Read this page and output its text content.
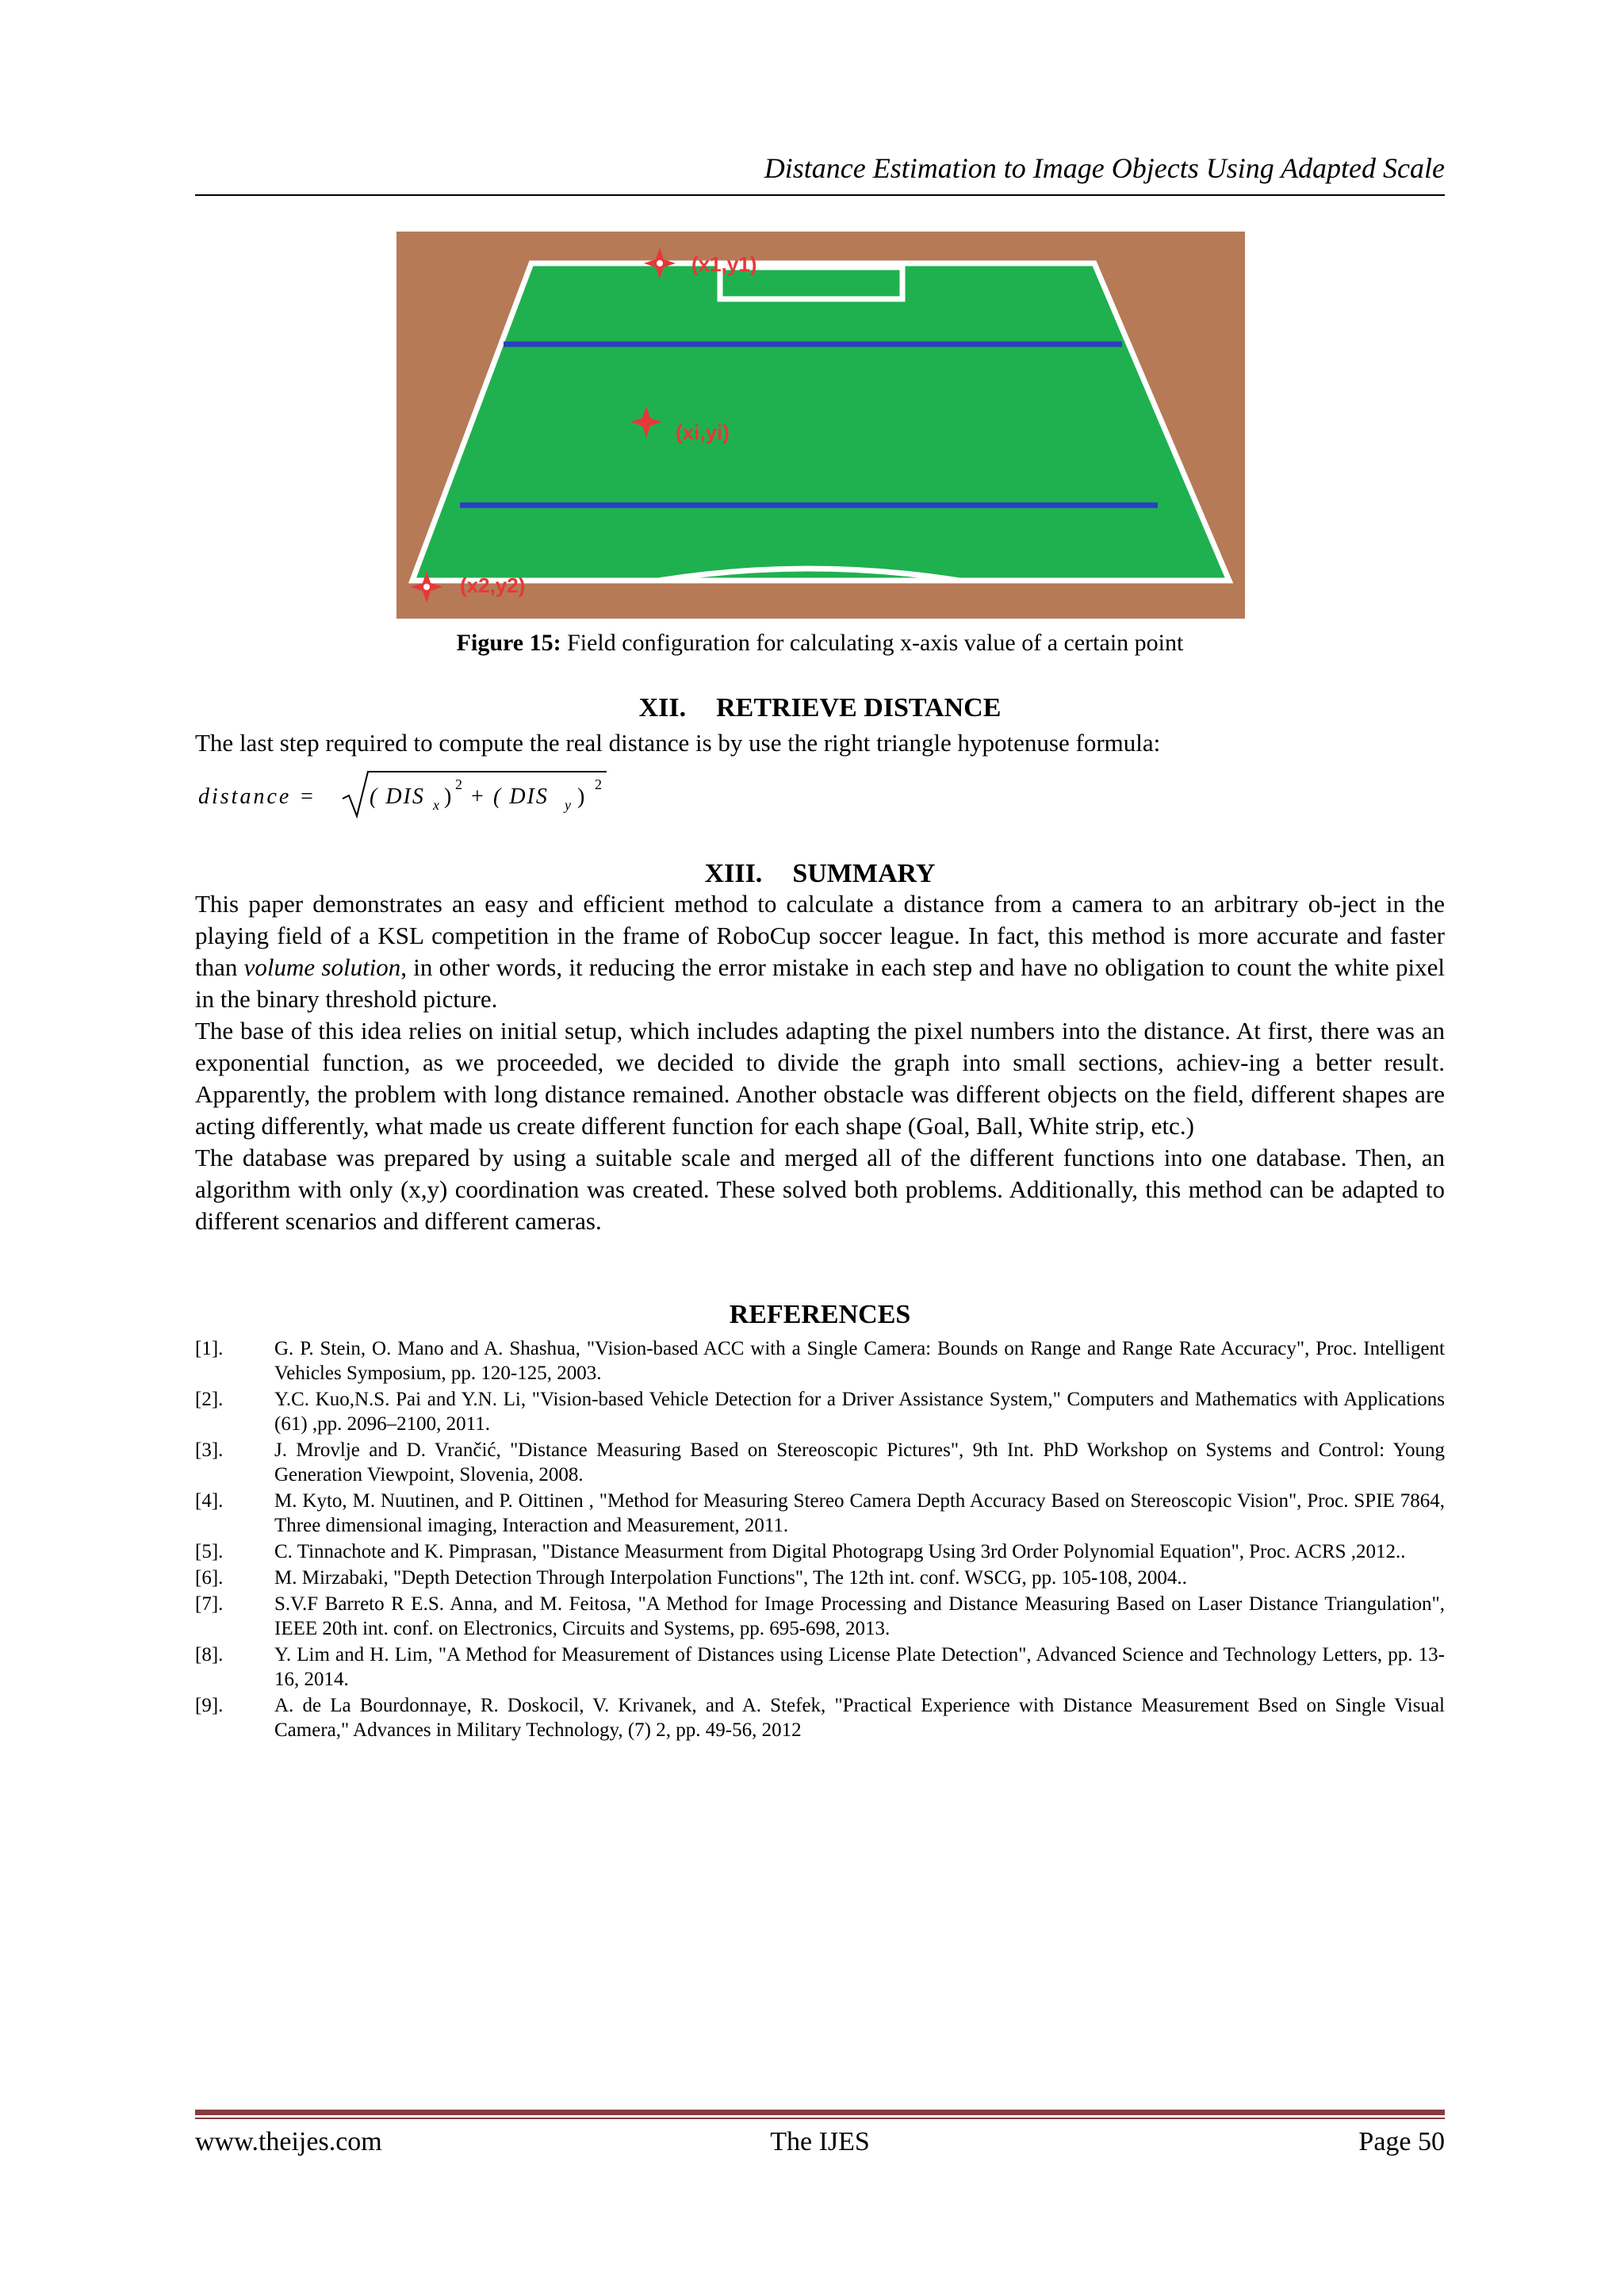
Distance Estimation to Image Objects Using Adapted Scale
(x1,y1)
(xi,yi)
(x2,y2)
Figure 15: Field configuration for calculating x-axis value of a certain point
XII. RETRIEVE DISTANCE
The last step required to compute the real distance is by use the right triangle hypotenuse formula:
distance = ( DIS x ) 2 + ( DIS y ) 2
XIII. SUMMARY

This paper demonstrates an easy and efficient method to calculate a distance from a camera to an arbitrary ob-ject in the playing field of a KSL competition in the frame of RoboCup soccer league. In fact, this method is more accurate and faster than volume solution, in other words, it reducing the error mistake in each step and have no obligation to count the white pixel in the binary threshold picture.

The base of this idea relies on initial setup, which includes adapting the pixel numbers into the distance. At first, there was an exponential function, as we proceeded, we decided to divide the graph into small sections, achiev-ing a better result. Apparently, the problem with long distance remained. Another obstacle was different objects on the field, different shapes are acting differently, what made us create different function for each shape (Goal, Ball, White strip, etc.)

The database was prepared by using a suitable scale and merged all of the different functions into one database. Then, an algorithm with only (x,y) coordination was created. These solved both problems. Additionally, this method can be adapted to different scenarios and different cameras.

REFERENCES
[1].	G. P. Stein, O. Mano and A. Shashua, "Vision-based ACC with a Single Camera: Bounds on Range and Range Rate Accuracy", Proc. Intelligent Vehicles Symposium, pp. 120-125, 2003.
[2].	Y.C. Kuo,N.S. Pai and Y.N. Li, "Vision-based Vehicle Detection for a Driver Assistance System," Computers and Mathematics with Applications (61) ,pp. 2096–2100, 2011.
[3].	J. Mrovlje and D. Vrančić, "Distance Measuring Based on Stereoscopic Pictures", 9th Int. PhD Workshop on Systems and Control: Young Generation Viewpoint, Slovenia, 2008.
[4].	M. Kyto, M. Nuutinen, and P. Oittinen , "Method for Measuring Stereo Camera Depth Accuracy Based on Stereoscopic Vision", Proc. SPIE 7864, Three dimensional imaging, Interaction and Measurement, 2011.
[5].	C. Tinnachote and K. Pimprasan, "Distance Measurment from Digital Photograpg Using 3rd Order Polynomial Equation", Proc. ACRS ,2012..
[6].	M. Mirzabaki, "Depth Detection Through Interpolation Functions", The 12th int. conf. WSCG, pp. 105-108, 2004..
[7].	S.V.F Barreto R E.S. Anna, and M. Feitosa, "A Method for Image Processing and Distance Measuring Based on Laser Distance Triangulation", IEEE 20th int. conf. on Electronics, Circuits and Systems, pp. 695-698, 2013.
[8].	Y. Lim and H. Lim, "A Method for Measurement of Distances using License Plate Detection", Advanced Science and Technology Letters, pp. 13-16, 2014.
[9].	A. de La Bourdonnaye, R. Doskocil, V. Krivanek, and A. Stefek, "Practical Experience with Distance Measurement Bsed on Single Visual Camera," Advances in Military Technology, (7) 2, pp. 49-56, 2012
www.theijes.com	The IJES	Page 50
